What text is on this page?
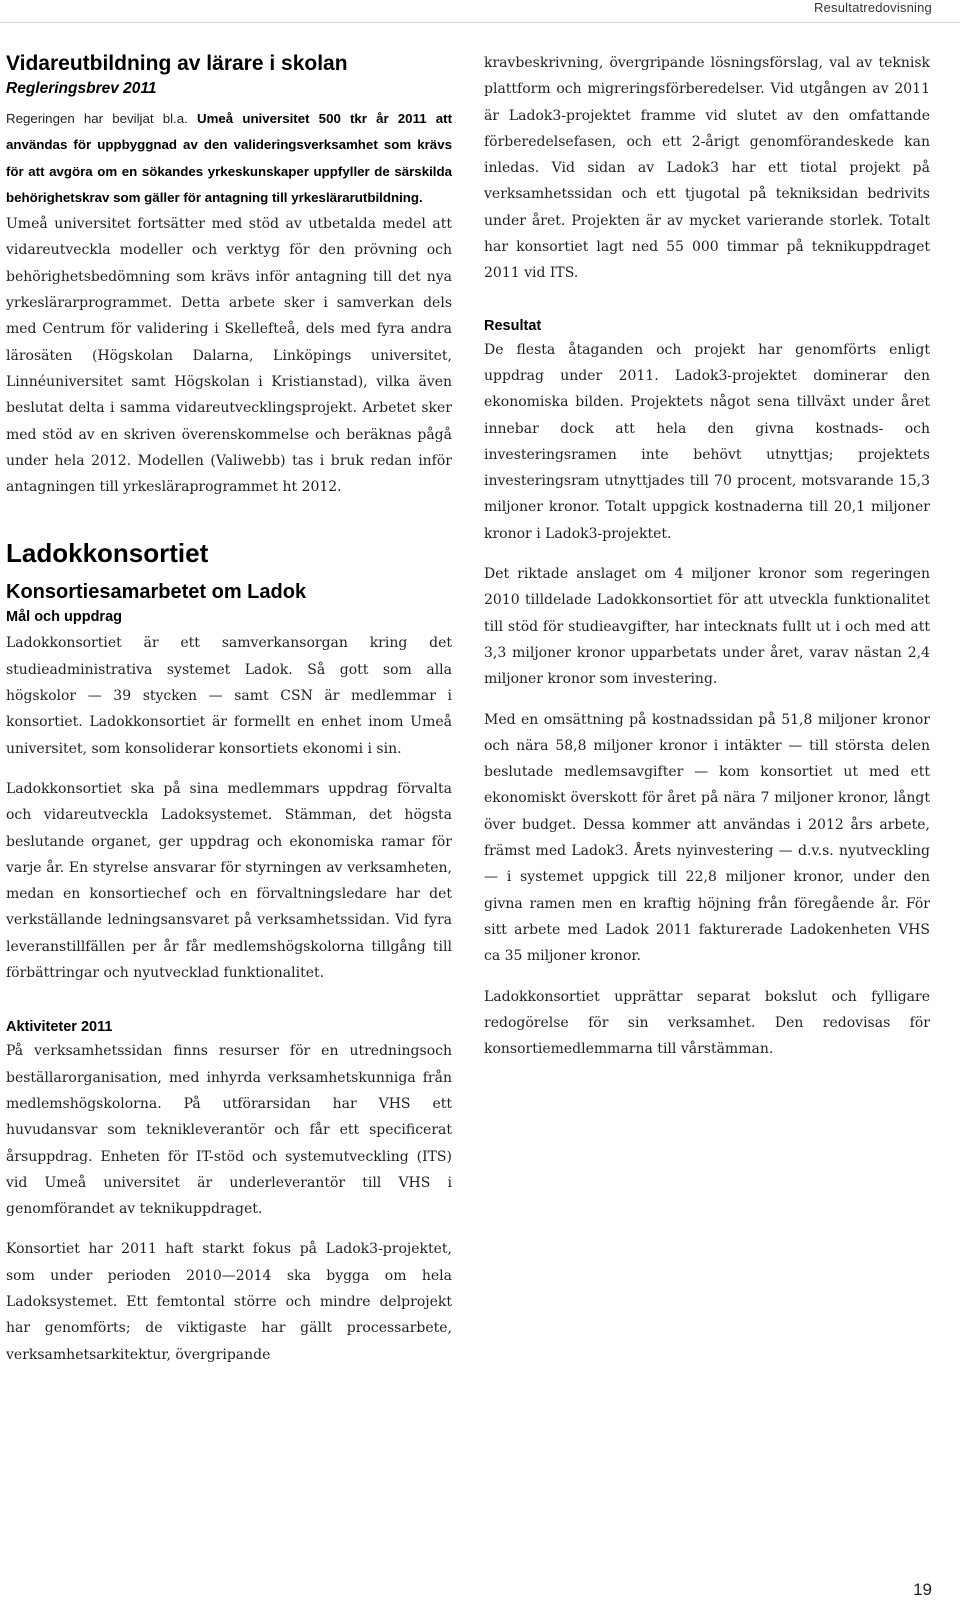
Resultatredovisning
Vidareutbildning av lärare i skolan
Regleringsbrev 2011

Regeringen har beviljat bl.a. Umeå universitet 500 tkr år 2011 att användas för uppbyggnad av den valideringsverksamhet som krävs för att avgöra om en sökandes yrkeskunskaper uppfyller de särskilda behörighetskrav som gäller för antagning till yrkeslärarutbildning.

Umeå universitet fortsätter med stöd av utbetalda medel att vidareutveckla modeller och verktyg för den prövning och behörighetsbedömning som krävs inför antagning till det nya yrkeslärarprogrammet. Detta arbete sker i samverkan dels med Centrum för validering i Skellefteå, dels med fyra andra lärosäten (Högskolan Dalarna, Linköpings universitet, Linnéuniversitet samt Högskolan i Kristianstad), vilka även beslutat delta i samma vidareutvecklingsprojekt. Arbetet sker med stöd av en skriven överenskommelse och beräknas pågå under hela 2012. Modellen (Valiwebb) tas i bruk redan inför antagningen till yrkesläraprogrammet ht 2012.

Ladokkonsortiet
Konsortiesamarbetet om Ladok
Mål och uppdrag

Ladokkonsortiet är ett samverkansorgan kring det studieadministrativa systemet Ladok. Så gott som alla högskolor — 39 stycken — samt CSN är medlemmar i konsortiet. Ladokkonsortiet är formellt en enhet inom Umeå universitet, som konsoliderar konsortiets ekonomi i sin.

Ladokkonsortiet ska på sina medlemmars uppdrag förvalta och vidareutveckla Ladoksystemet. Stämman, det högsta beslutande organet, ger uppdrag och ekonomiska ramar för varje år. En styrelse ansvarar för styrningen av verksamheten, medan en konsortiechef och en förvaltningsledare har det verkställande ledningsansvaret på verksamhetssidan. Vid fyra leveranstillfällen per år får medlemshögskolorna tillgång till förbättringar och nyutvecklad funktionalitet.

Aktiviteter 2011

På verksamhetssidan finns resurser för en utredningsoch beställarorganisation, med inhyrda verksamhetskunniga från medlemshögskolorna. På utförarsidan har VHS ett huvudansvar som teknikleverantör och får ett specificerat årsuppdrag. Enheten för IT-stöd och systemutveckling (ITS) vid Umeå universitet är underleverantör till VHS i genomförandet av teknikuppdraget.

Konsortiet har 2011 haft starkt fokus på Ladok3-projektet, som under perioden 2010—2014 ska bygga om hela Ladoksystemet. Ett femtontal större och mindre delprojekt har genomförts; de viktigaste har gällt processarbete, verksamhetsarkitektur, övergripande

kravbeskrivning, övergripande lösningsförslag, val av teknisk plattform och migreringsförberedelser. Vid utgången av 2011 är Ladok3-projektet framme vid slutet av den omfattande förberedelsefasen, och ett 2-årigt genomförandeskede kan inledas. Vid sidan av Ladok3 har ett tiotal projekt på verksamhetssidan och ett tjugotal på tekniksidan bedrivits under året. Projekten är av mycket varierande storlek. Totalt har konsortiet lagt ned 55 000 timmar på teknikuppdraget 2011 vid ITS.

Resultat

De flesta åtaganden och projekt har genomförts enligt uppdrag under 2011. Ladok3-projektet dominerar den ekonomiska bilden. Projektets något sena tillväxt under året innebar dock att hela den givna kostnads- och investeringsramen inte behövt utnyttjas; projektets investeringsram utnyttjades till 70 procent, motsvarande 15,3 miljoner kronor. Totalt uppgick kostnaderna till 20,1 miljoner kronor i Ladok3-projektet.

Det riktade anslaget om 4 miljoner kronor som regeringen 2010 tilldelade Ladokkonsortiet för att utveckla funktionalitet till stöd för studieavgifter, har intecknats fullt ut i och med att 3,3 miljoner kronor upparbetats under året, varav nästan 2,4 miljoner kronor som investering.

Med en omsättning på kostnadssidan på 51,8 miljoner kronor och nära 58,8 miljoner kronor i intäkter — till största delen beslutade medlemsavgifter — kom konsortiet ut med ett ekonomiskt överskott för året på nära 7 miljoner kronor, långt över budget. Dessa kommer att användas i 2012 års arbete, främst med Ladok3. Årets nyinvestering — d.v.s. nyutveckling — i systemet uppgick till 22,8 miljoner kronor, under den givna ramen men en kraftig höjning från föregående år. För sitt arbete med Ladok 2011 fakturerade Ladokenheten VHS ca 35 miljoner kronor.

Ladokkonsortiet upprättar separat bokslut och fylligare redogörelse för sin verksamhet. Den redovisas för konsortiemedlemmarna till vårstämman.

19
